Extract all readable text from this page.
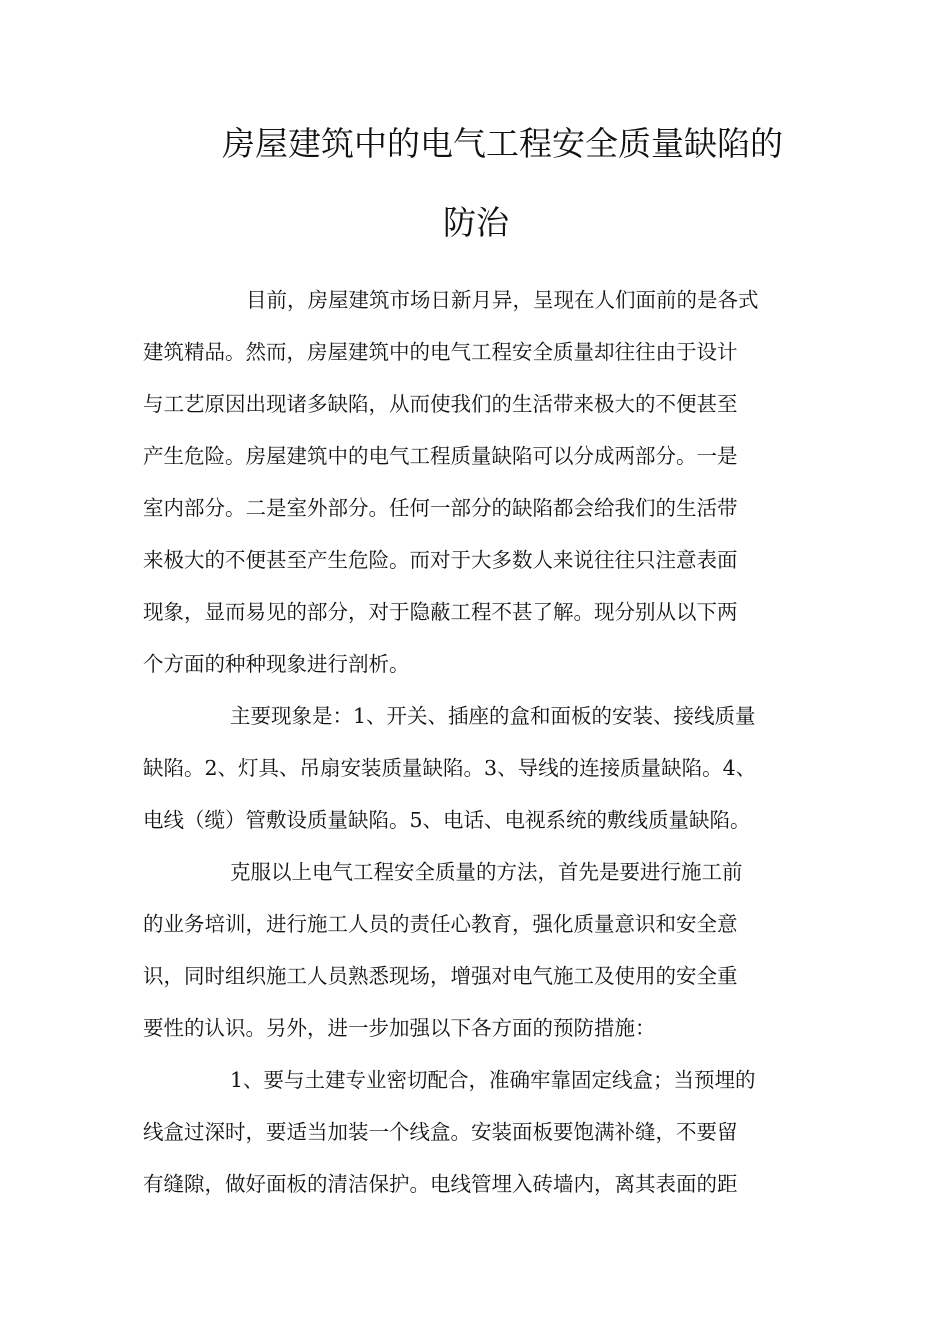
房屋建筑中的电气工程安全质量缺陷的
防治
目前，房屋建筑市场日新月异，呈现在人们面前的是各式
建筑精品。然而，房屋建筑中的电气工程安全质量却往往由于设计
与工艺原因出现诸多缺陷，从而使我们的生活带来极大的不便甚至
产生危险。房屋建筑中的电气工程质量缺陷可以分成两部分。一是
室内部分。二是室外部分。任何一部分的缺陷都会给我们的生活带
来极大的不便甚至产生危险。而对于大多数人来说往往只注意表面
现象，显而易见的部分，对于隐蔽工程不甚了解。现分别从以下两
个方面的种种现象进行剖析。
主要现象是：1、开关、插座的盒和面板的安装、接线质量
缺陷。2、灯具、吊扇安装质量缺陷。3、导线的连接质量缺陷。4、
电线（缆）管敷设质量缺陷。5、电话、电视系统的敷线质量缺陷。
克服以上电气工程安全质量的方法，首先是要进行施工前
的业务培训，进行施工人员的责任心教育，强化质量意识和安全意
识，同时组织施工人员熟悉现场，增强对电气施工及使用的安全重
要性的认识。另外，进一步加强以下各方面的预防措施：
1、要与土建专业密切配合，准确牢靠固定线盒；当预埋的
线盒过深时，要适当加装一个线盒。安装面板要饱满补缝，不要留
有缝隙，做好面板的清洁保护。电线管埋入砖墙内，离其表面的距
